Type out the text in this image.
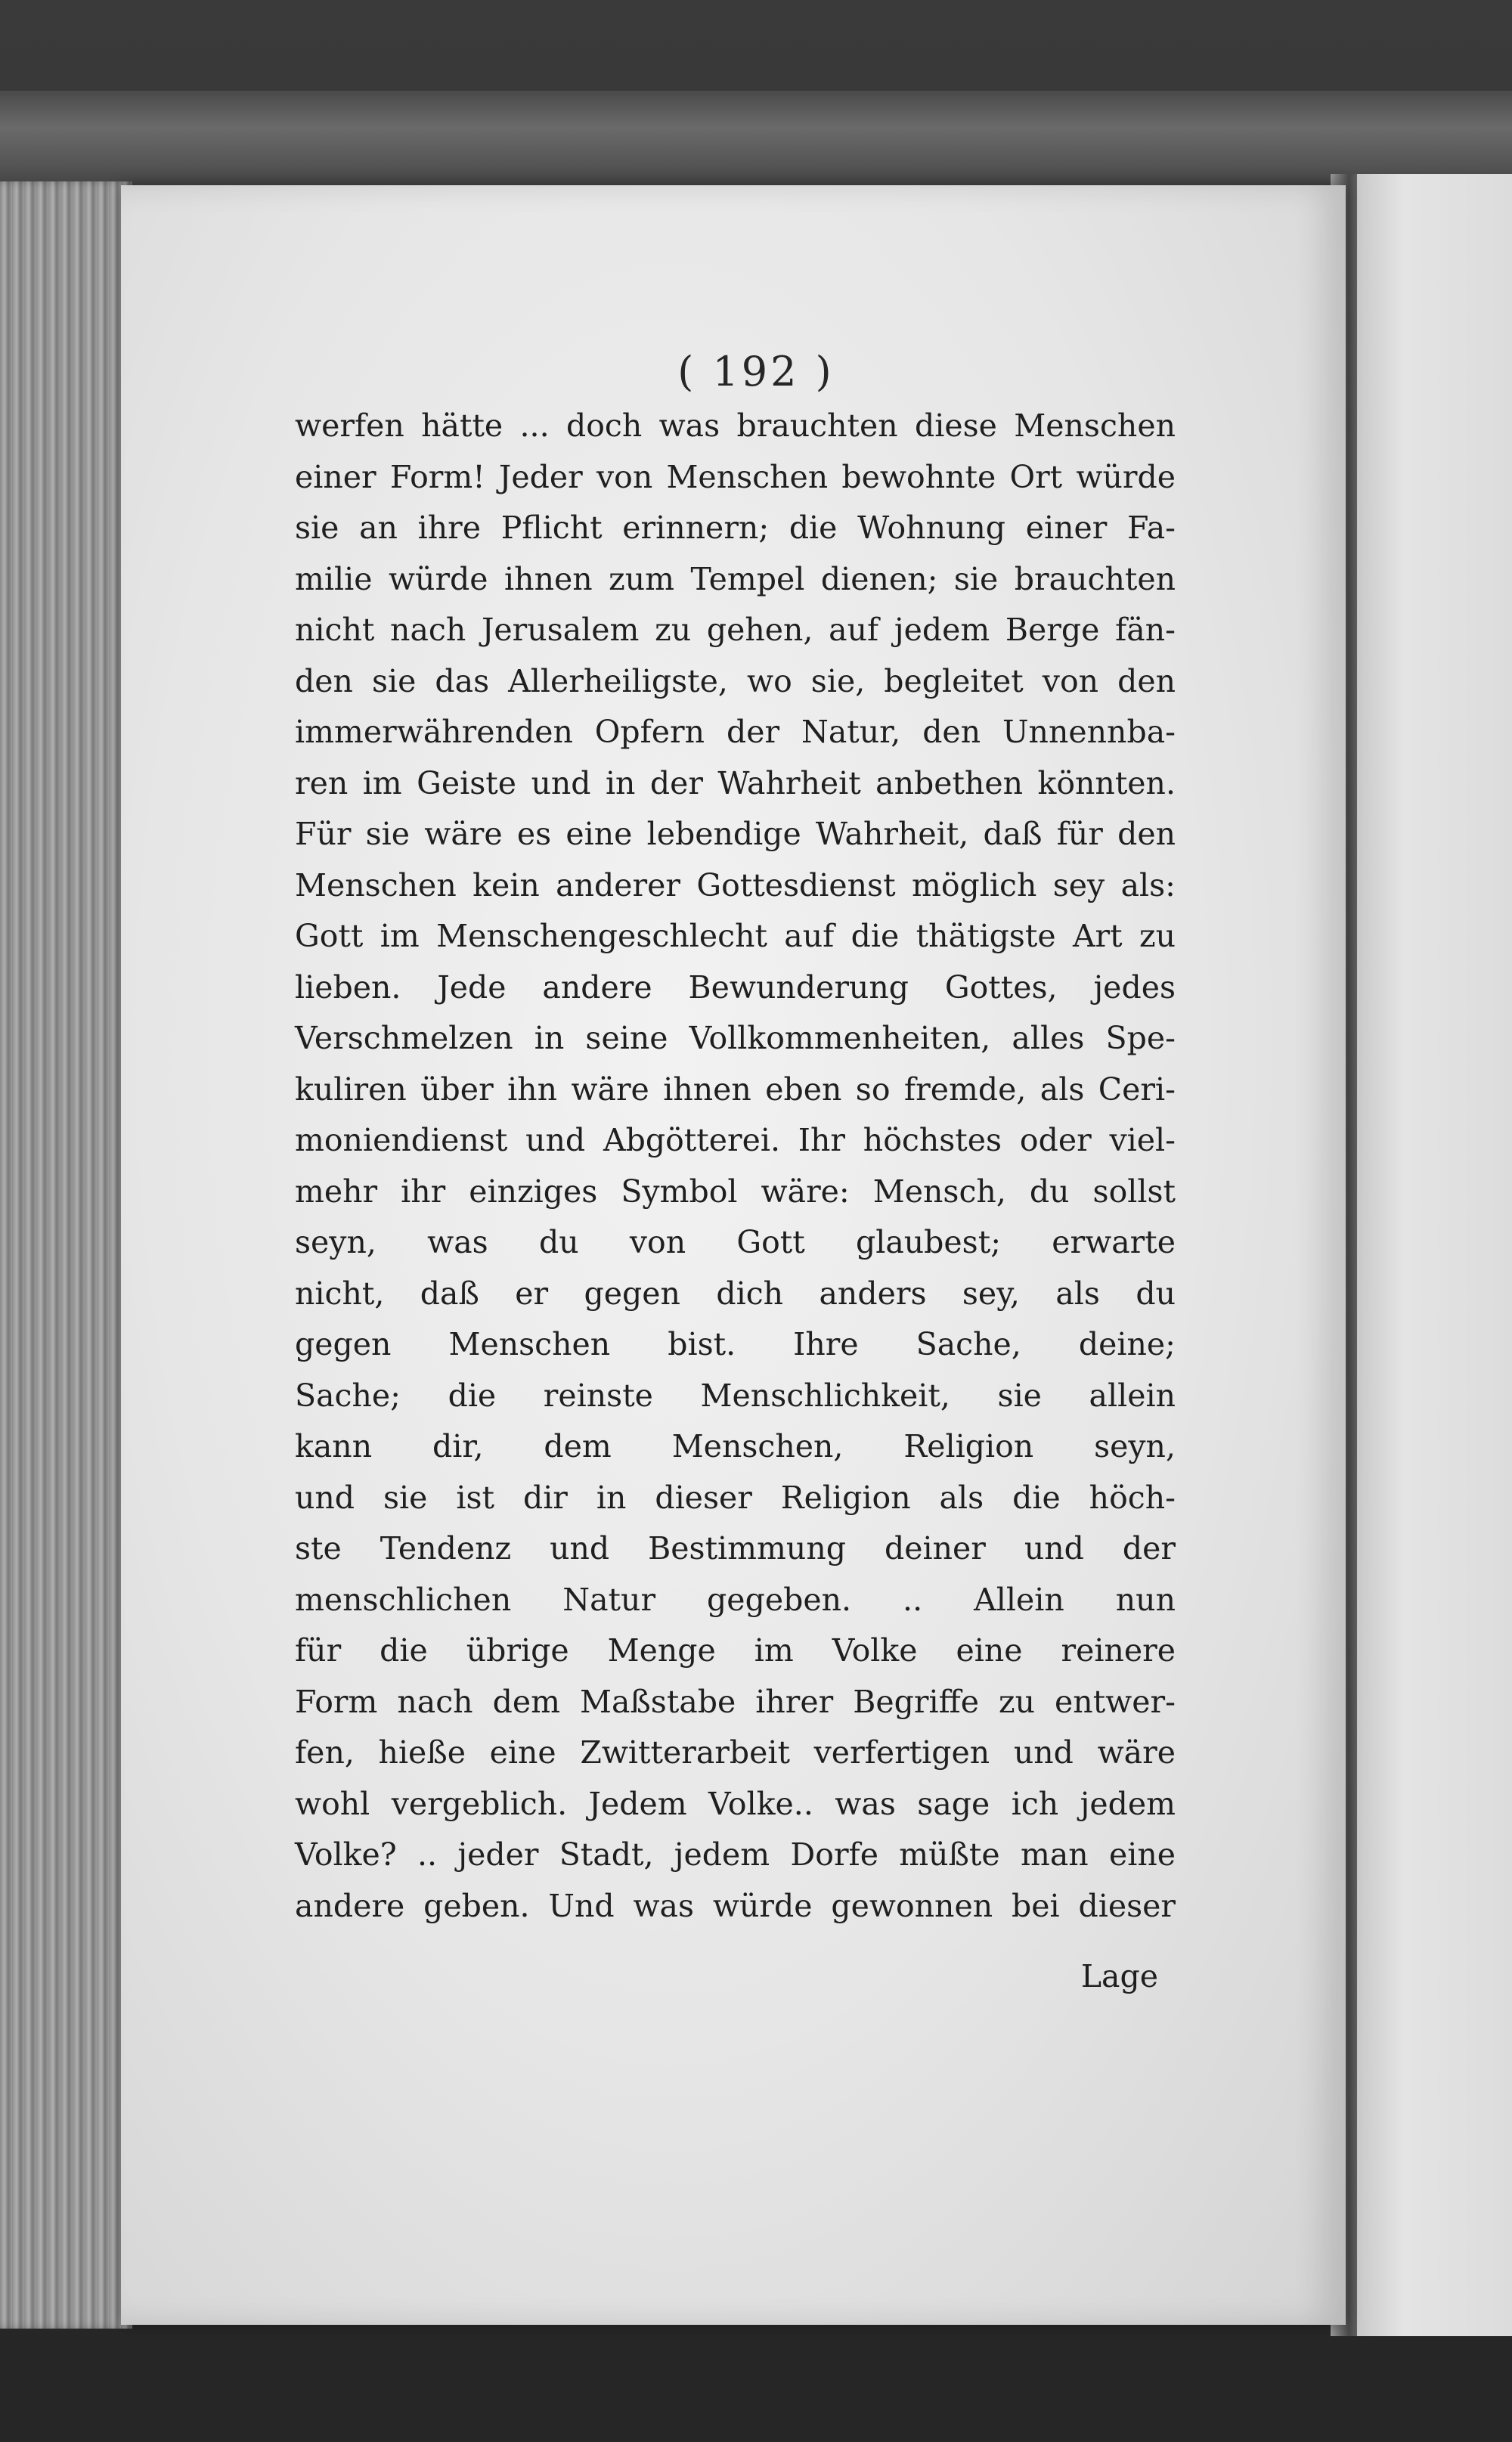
( 192 )
werfen hätte ... doch was brauchten diese Menschen
einer Form! Jeder von Menschen bewohnte Ort würde
sie an ihre Pflicht erinnern; die Wohnung einer Fa-
milie würde ihnen zum Tempel dienen; sie brauchten
nicht nach Jerusalem zu gehen, auf jedem Berge fän-
den sie das Allerheiligste, wo sie, begleitet von den
immerwährenden Opfern der Natur, den Unnennba-
ren im Geiste und in der Wahrheit anbethen könnten.
Für sie wäre es eine lebendige Wahrheit, daß für den
Menschen kein anderer Gottesdienst möglich sey als:
Gott im Menschengeschlecht auf die thätigste Art zu
lieben. Jede andere Bewunderung Gottes, jedes
Verschmelzen in seine Vollkommenheiten, alles Spe-
kuliren über ihn wäre ihnen eben so fremde, als Ceri-
moniendienst und Abgötterei. Ihr höchstes oder viel-
mehr ihr einziges Symbol wäre: Mensch, du sollst
seyn, was du von Gott glaubest; erwarte
nicht, daß er gegen dich anders sey, als du
gegen Menschen bist. Ihre Sache, deine;
Sache; die reinste Menschlichkeit, sie allein
kann dir, dem Menschen, Religion seyn,
und sie ist dir in dieser Religion als die höch-
ste Tendenz und Bestimmung deiner und der
menschlichen Natur gegeben. .. Allein nun
für die übrige Menge im Volke eine reinere
Form nach dem Maßstabe ihrer Begriffe zu entwer-
fen, hieße eine Zwitterarbeit verfertigen und wäre
wohl vergeblich. Jedem Volke.. was sage ich jedem
Volke? .. jeder Stadt, jedem Dorfe müßte man eine
andere geben. Und was würde gewonnen bei dieser
Lage
